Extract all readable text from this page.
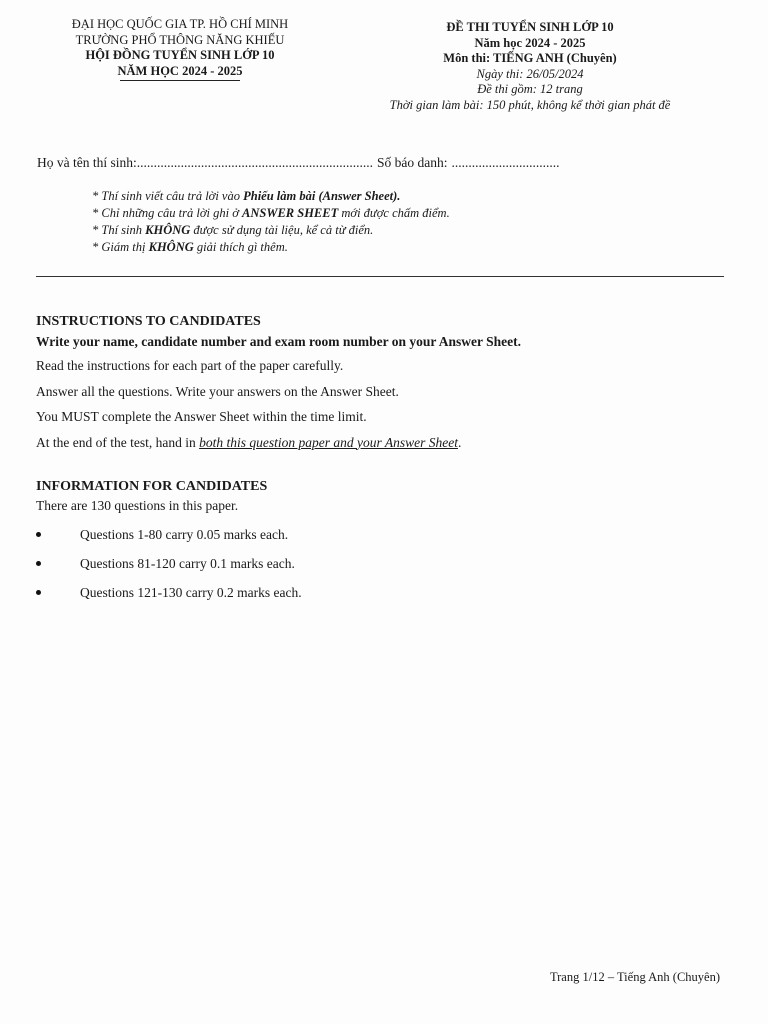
ĐẠI HỌC QUỐC GIA TP. HỒ CHÍ MINH
TRƯỜNG PHỔ THÔNG NĂNG KHIẾU
HỘI ĐỒNG TUYỂN SINH LỚP 10
NĂM HỌC 2024 - 2025
ĐỀ THI TUYỂN SINH LỚP 10
Năm học 2024 - 2025
Môn thi: TIẾNG ANH (Chuyên)
Ngày thi: 26/05/2024
Đề thi gồm: 12 trang
Thời gian làm bài: 150 phút, không kể thời gian phát đề
Họ và tên thí sinh:...................................................................... Số báo danh: ................................
* Thí sinh viết câu trả lời vào Phiếu làm bài (Answer Sheet).
* Chỉ những câu trả lời ghi ở ANSWER SHEET mới được chấm điểm.
* Thí sinh KHÔNG được sử dụng tài liệu, kể cả từ điển.
* Giám thị KHÔNG giải thích gì thêm.
INSTRUCTIONS TO CANDIDATES
Write your name, candidate number and exam room number on your Answer Sheet.
Read the instructions for each part of the paper carefully.
Answer all the questions. Write your answers on the Answer Sheet.
You MUST complete the Answer Sheet within the time limit.
At the end of the test, hand in both this question paper and your Answer Sheet.
INFORMATION FOR CANDIDATES
There are 130 questions in this paper.
Questions 1-80 carry 0.05 marks each.
Questions 81-120 carry 0.1 marks each.
Questions 121-130 carry 0.2 marks each.
Trang 1/12 – Tiếng Anh (Chuyên)
